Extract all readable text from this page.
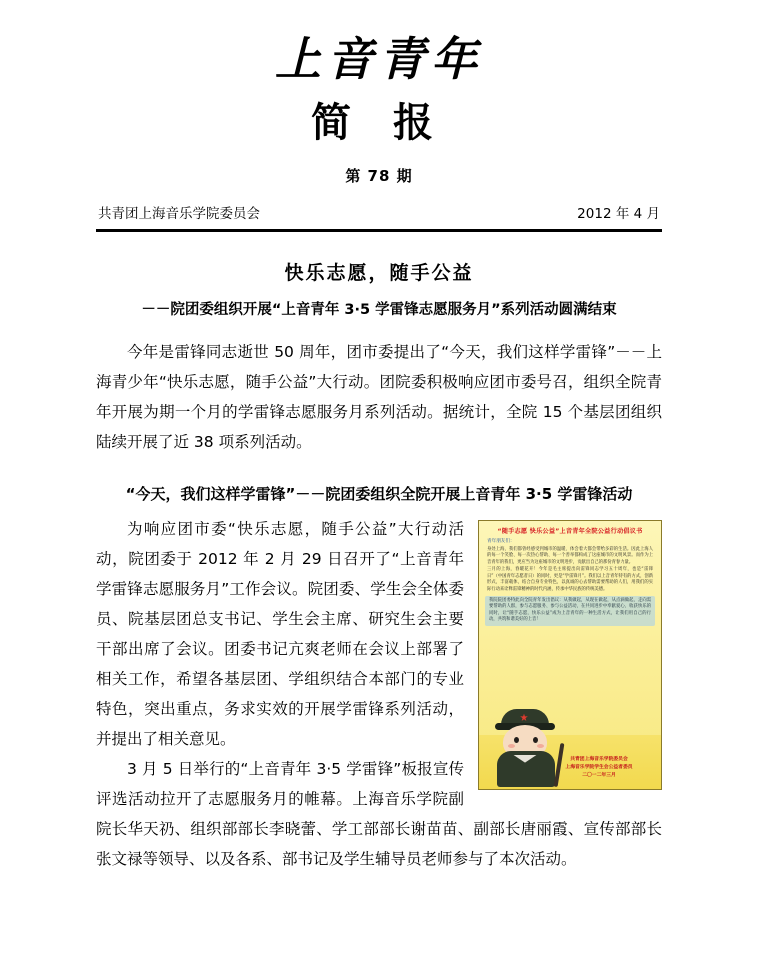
上音青年
简 报
第 78 期
共青团上海音乐学院委员会	2012 年 4 月
快乐志愿，随手公益
－－院团委组织开展“上音青年 3·5 学雷锋志愿服务月”系列活动圆满结束

今年是雷锋同志逝世 50 周年，团市委提出了“今天，我们这样学雷锋”－－上海青少年“快乐志愿，随手公益”大行动。团院委积极响应团市委号召，组织全院青年开展为期一个月的学雷锋志愿服务月系列活动。据统计，全院 15 个基层团组织陆续开展了近 38 项系列活动。

“今天，我们这样学雷锋”－－院团委组织全院开展上音青年 3·5 学雷锋活动
“随手志愿 快乐公益”上音青年全院公益行动倡议书
青年朋友们：
身处上海，我们都曾经感受到城市的温暖、体会着大都会带给多彩的生活。因此上海人的每一个笑脸、每一次热心帮助、每一个善举都构成了这座城市的文明风景。而作为上音青年的我们，更应当为这座城市的文明进步，贡献出自己的那份青春力量。
三月的上海，春暖花开！今年是毛主席提出向雷锋同志学习五十周年，也是“雷锋日”（中国青年志愿者日）的同时，更是“学雷锋月”。我们以上音青年特有的方式，创新形式，丰富载体，结合自身专业特色，以真诚的心去帮助需要帮助的人们，用我们的实际行动来诠释雷锋精神的时代内涵，传承中华民族的传统美德。
我院院团委特此向全院青年发出倡议：从我做起，从现在做起，从点滴做起，走向需要帮助的人群，参与志愿服务、参与公益活动，在共同进步中奉献爱心、收获快乐的同时，让“随手志愿，快乐公益”成为上音青年的一种生活方式，让我们用自己的行动，共筑和谐美好的上音！
共青团上海音乐学院委员会
上海音乐学院学生会公益者委员
二〇一二年三月

为响应团市委“快乐志愿，随手公益”大行动活动，院团委于 2012 年 2 月 29 日召开了“上音青年学雷锋志愿服务月”工作会议。院团委、学生会全体委员、院基层团总支书记、学生会主席、研究生会主要干部出席了会议。团委书记亢爽老师在会议上部署了相关工作，希望各基层团、学组织结合本部门的专业特色，突出重点，务求实效的开展学雷锋系列活动，并提出了相关意见。

3 月 5 日举行的“上音青年 3·5 学雷锋”板报宣传评选活动拉开了志愿服务月的帷幕。上海音乐学院副院长华天礽、组织部部长李晓蕾、学工部部长谢苗苗、副部长唐丽霞、宣传部部长张文禄等领导、以及各系、部书记及学生辅导员老师参与了本次活动。
